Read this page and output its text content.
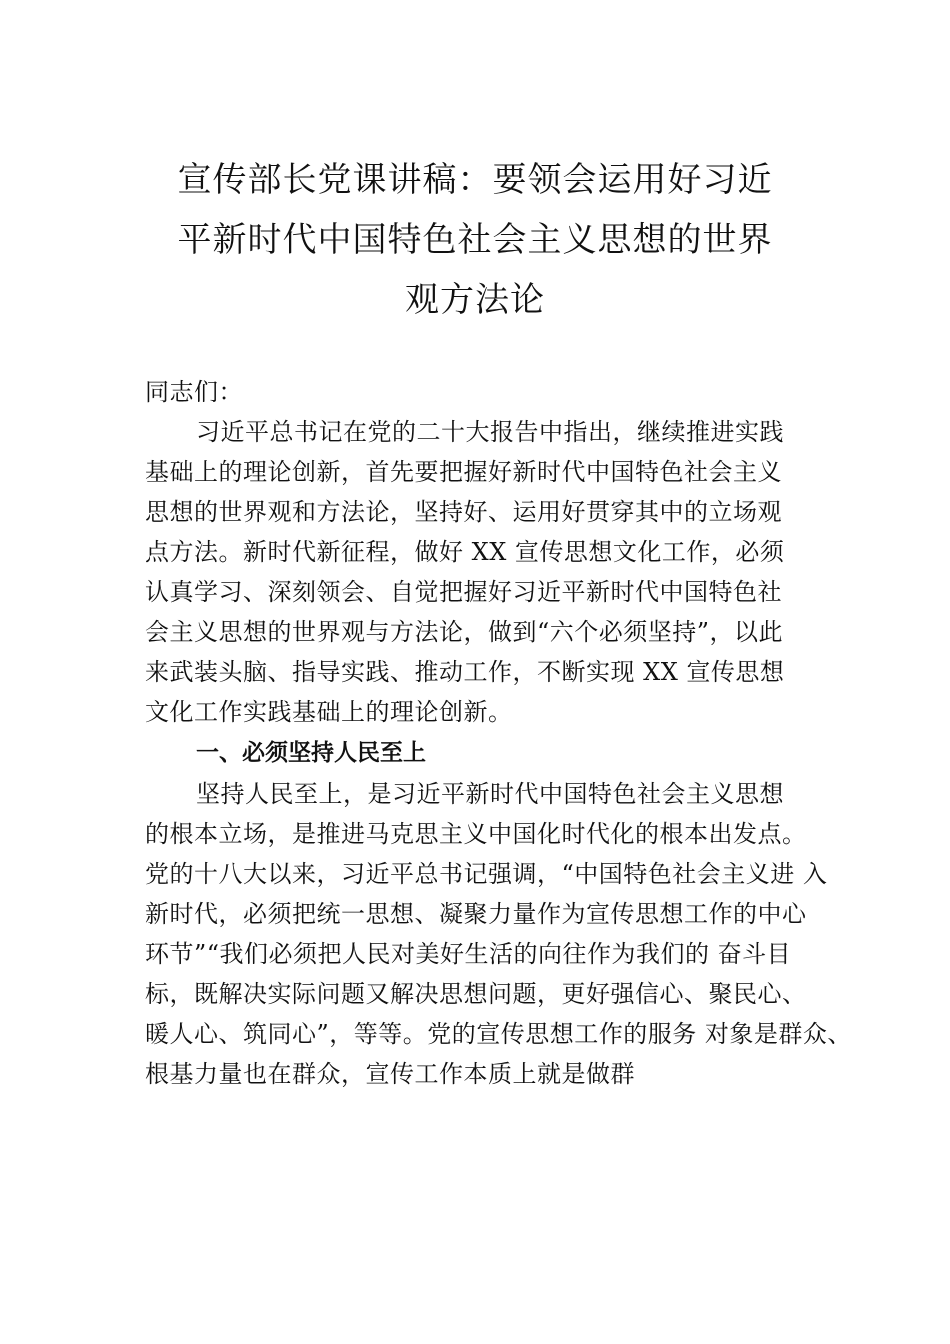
宣传部长党课讲稿：要领会运用好习近
平新时代中国特色社会主义思想的世界
观方法论
同志们：
习近平总书记在党的二十大报告中指出，继续推进实践
基础上的理论创新，首先要把握好新时代中国特色社会主义
思想的世界观和方法论，坚持好、运用好贯穿其中的立场观
点方法。新时代新征程，做好 XX 宣传思想文化工作，必须
认真学习、深刻领会、自觉把握好习近平新时代中国特色社
会主义思想的世界观与方法论，做到“六个必须坚持”，以此
来武装头脑、指导实践、推动工作，不断实现 XX 宣传思想
文化工作实践基础上的理论创新。
一、必须坚持人民至上
坚持人民至上，是习近平新时代中国特色社会主义思想
的根本立场，是推进马克思主义中国化时代化的根本出发点。
党的十八大以来，习近平总书记强调，“中国特色社会主义进 入
新时代，必须把统一思想、凝聚力量作为宣传思想工作的中心
环节”“我们必须把人民对美好生活的向往作为我们的 奋斗目
标，既解决实际问题又解决思想问题，更好强信心、聚民心、
暖人心、筑同心”，等等。党的宣传思想工作的服务 对象是群众、
根基力量也在群众，宣传工作本质上就是做群
